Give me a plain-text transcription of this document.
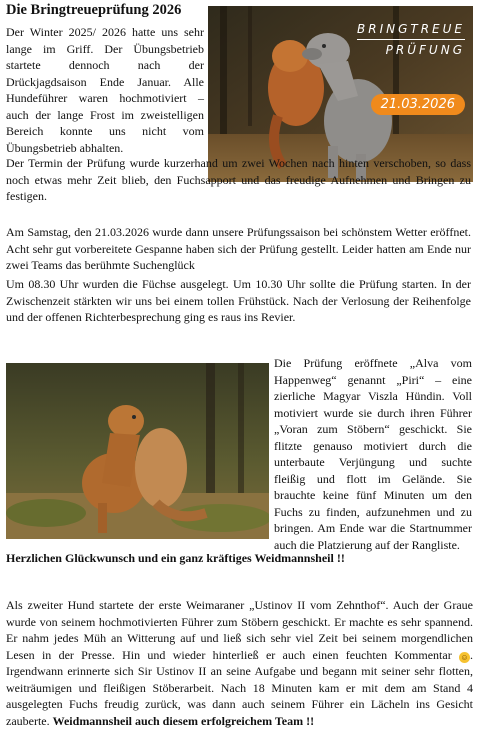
Die Bringtreueprüfung 2026

Der Winter 2025/ 2026 hatte uns sehr lange im Griff. Der Übungsbetrieb startete dennoch nach der Drückjagdsaison Ende Januar. Alle Hundeführer waren hochmotiviert – auch der lange Frost im zweistelligen Bereich konnte uns nicht vom Übungsbetrieb abhalten.

BRINGTREUE
PRÜFUNG
21.03.2026

Der Termin der Prüfung wurde kurzerhand um zwei Wochen nach hinten verschoben, so dass noch etwas mehr Zeit blieb, den Fuchsapport und das freudige Aufnehmen und Bringen zu festigen.

Am Samstag, den 21.03.2026 wurde dann unsere Prüfungssaison bei schönstem Wetter eröffnet. Acht sehr gut vorbereitete Gespanne haben sich der Prüfung gestellt. Leider hatten am Ende nur zwei Teams das berühmte Suchenglück

Um 08.30 Uhr wurden die Füchse ausgelegt. Um 10.30 Uhr sollte die Prüfung starten. In der Zwischenzeit stärkten wir uns bei einem tollen Frühstück. Nach der Verlosung der Reihenfolge und der offenen Richterbesprechung ging es raus ins Revier.

Die Prüfung eröffnete „Alva vom Happenweg“ genannt „Piri“ – eine zierliche Magyar Viszla Hündin. Voll motiviert wurde sie durch ihren Führer „Voran zum Stöbern“ geschickt. Sie flitzte genauso motiviert durch die unterbaute Verjüngung und suchte fleißig und flott im Gelände. Sie brauchte keine fünf Minuten um den Fuchs zu finden, aufzunehmen und zu bringen. Am Ende war die Startnummer auch die Platzierung auf der Rangliste.

Herzlichen Glückwunsch und ein ganz kräftiges Weidmannsheil !!

Als zweiter Hund startete der erste Weimaraner „Ustinov II vom Zehnthof“. Auch der Graue wurde von seinem hochmotivierten Führer zum Stöbern geschickt. Er machte es sehr spannend. Er nahm jedes Müh an Witterung auf und ließ sich sehr viel Zeit bei seinem morgendlichen Lesen in der Presse. Hin und wieder hinterließ er auch einen feuchten Kommentar ☺. Irgendwann erinnerte sich Sir Ustinov II an seine Aufgabe und begann mit seiner sehr flotten, weiträumigen und fleißigen Stöberarbeit. Nach 18 Minuten kam er mit dem am Stand 4 ausgelegten Fuchs freudig zurück, was dann auch seinem Führer ein Lächeln ins Gesicht zauberte. Weidmannsheil auch diesem erfolgreichem Team !!
